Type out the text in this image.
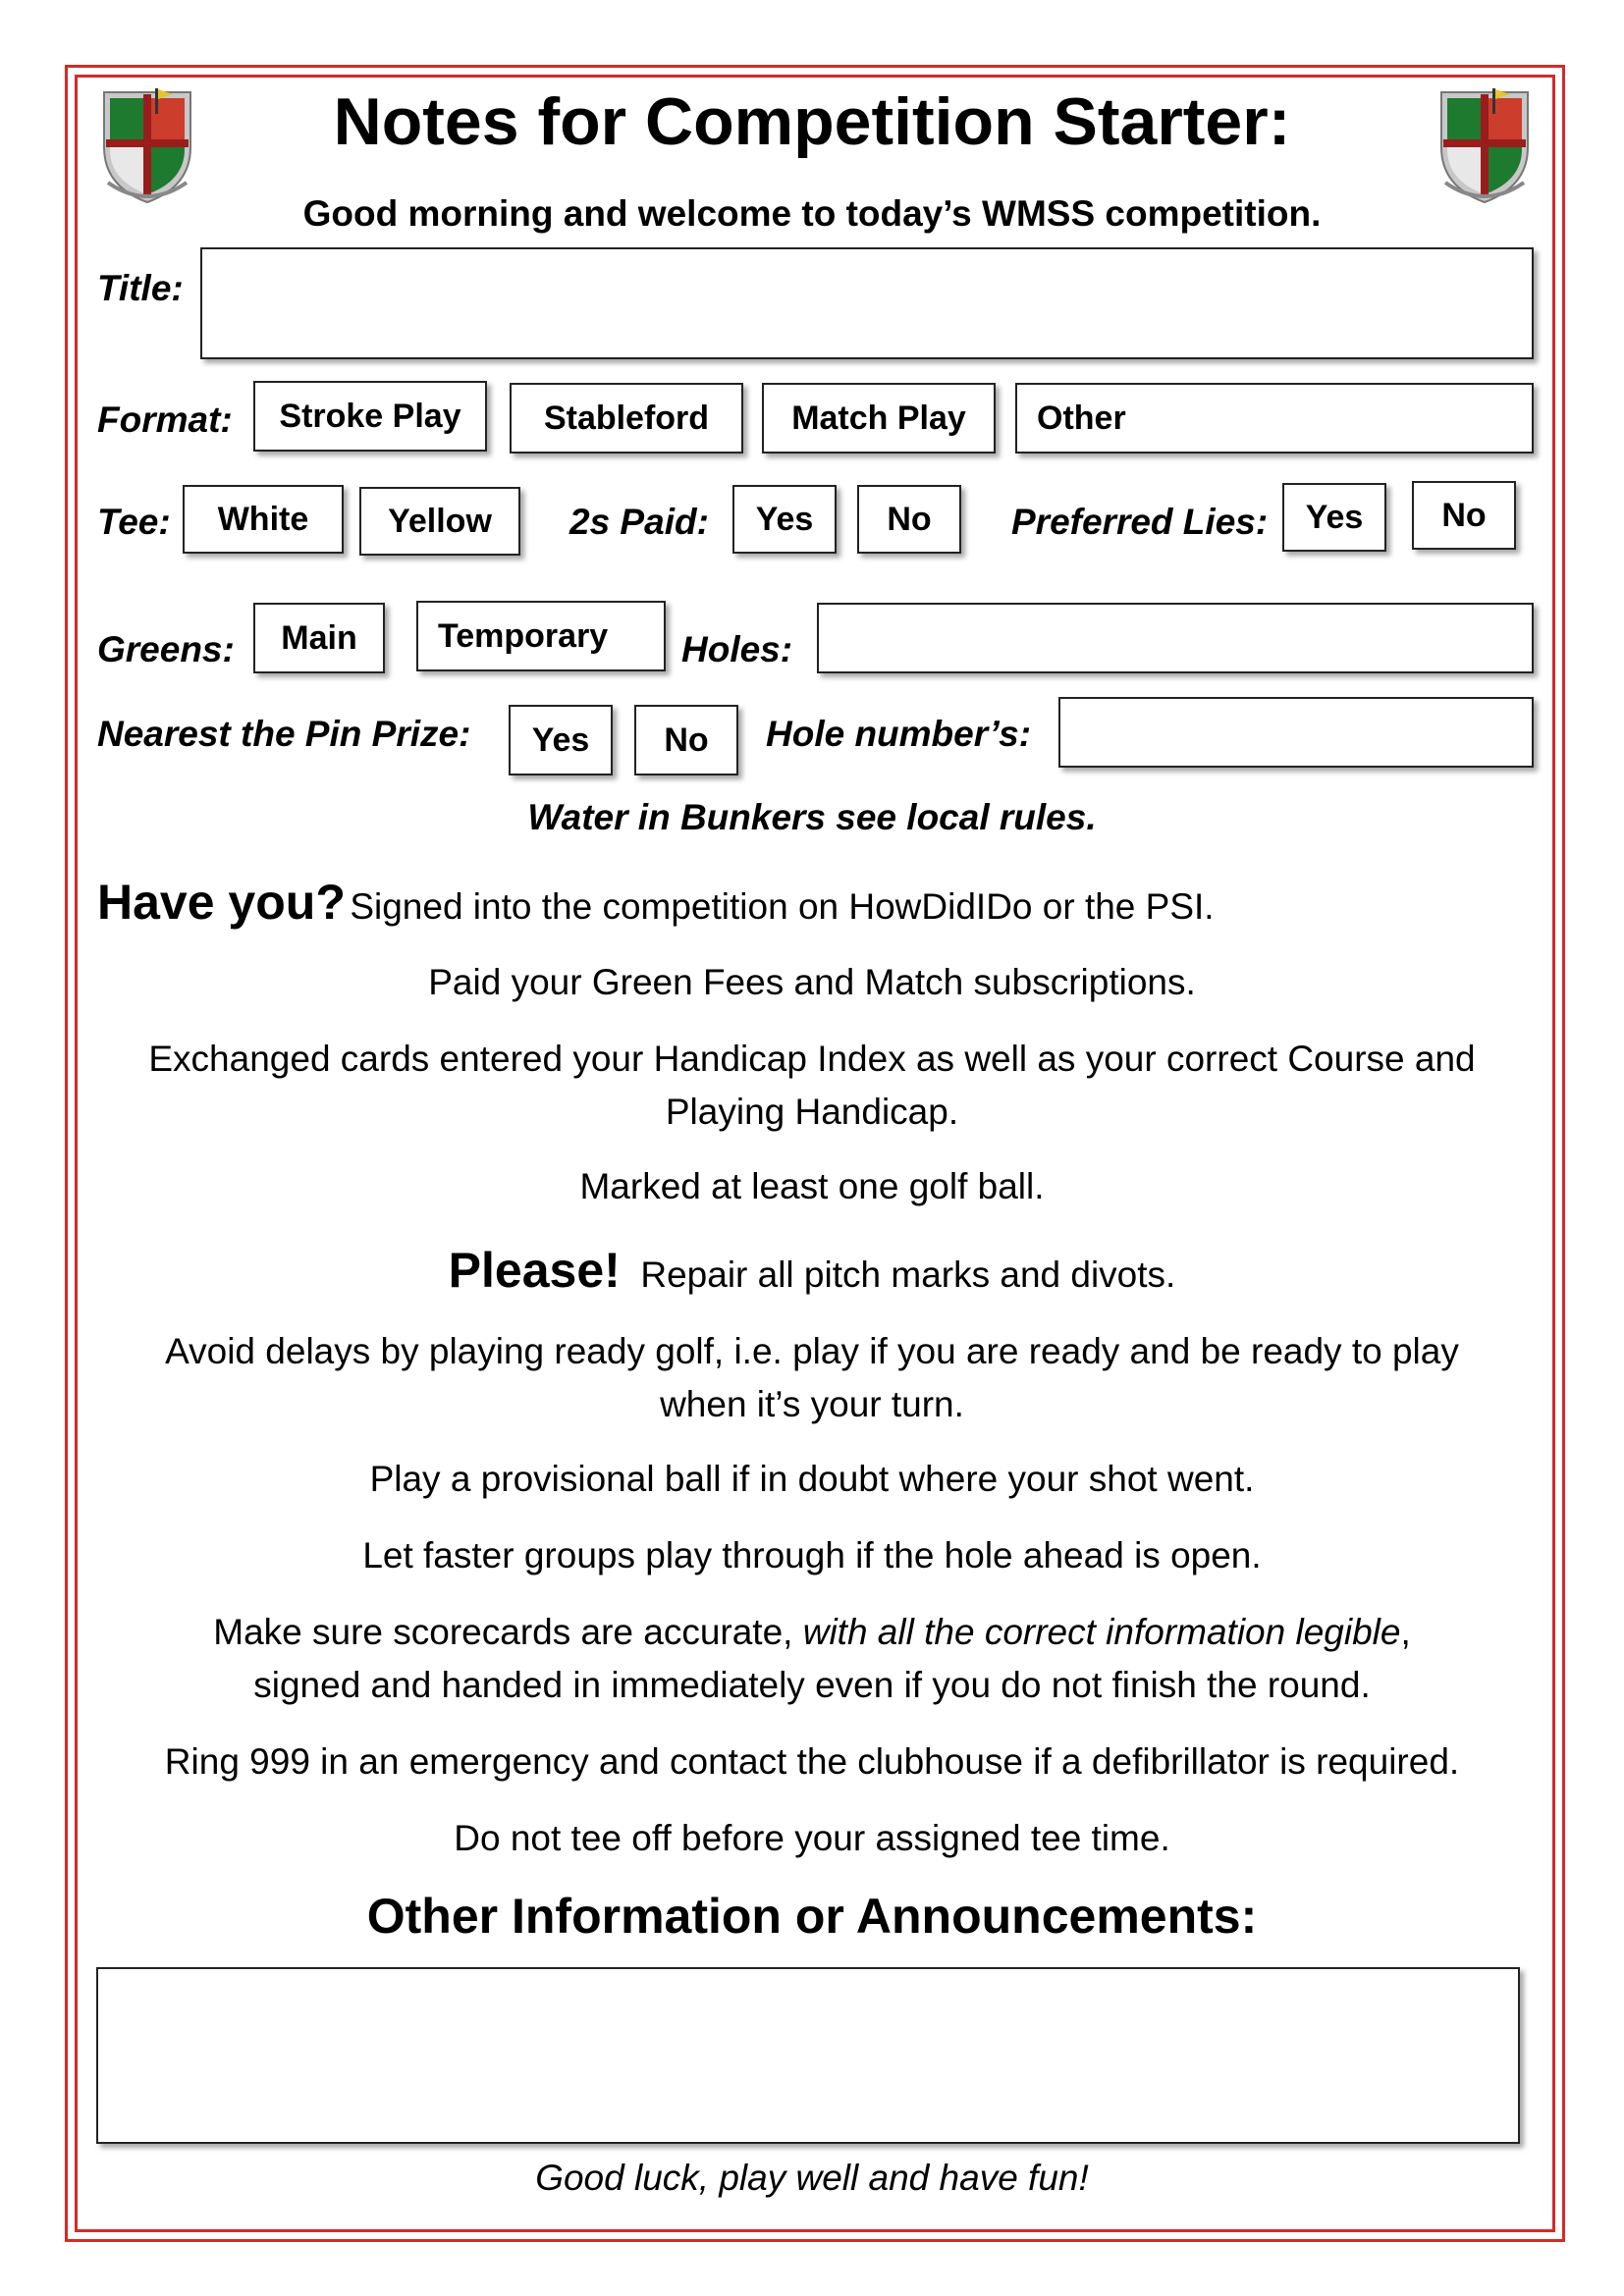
Notes for Competition Starter:
Good morning and welcome to today’s WMSS competition.
Title:
Format:	Stroke Play	Stableford	Match Play	Other
Tee:	White	Yellow	2s Paid:	Yes	No	Preferred Lies:	Yes	No
Greens:	Main	Temporary	Holes:
Nearest the Pin Prize:	Yes	No	Hole number’s:
Water in Bunkers see local rules.
Have you? Signed into the competition on HowDidIDo or the PSI.
Paid your Green Fees and Match subscriptions.
Exchanged cards entered your Handicap Index as well as your correct Course and
Playing Handicap.
Marked at least one golf ball.
Please! Repair all pitch marks and divots.
Avoid delays by playing ready golf, i.e. play if you are ready and be ready to play
when it’s your turn.
Play a provisional ball if in doubt where your shot went.
Let faster groups play through if the hole ahead is open.
Make sure scorecards are accurate, with all the correct information legible,
signed and handed in immediately even if you do not finish the round.
Ring 999 in an emergency and contact the clubhouse if a defibrillator is required.
Do not tee off before your assigned tee time.
Other Information or Announcements:
Good luck, play well and have fun!
